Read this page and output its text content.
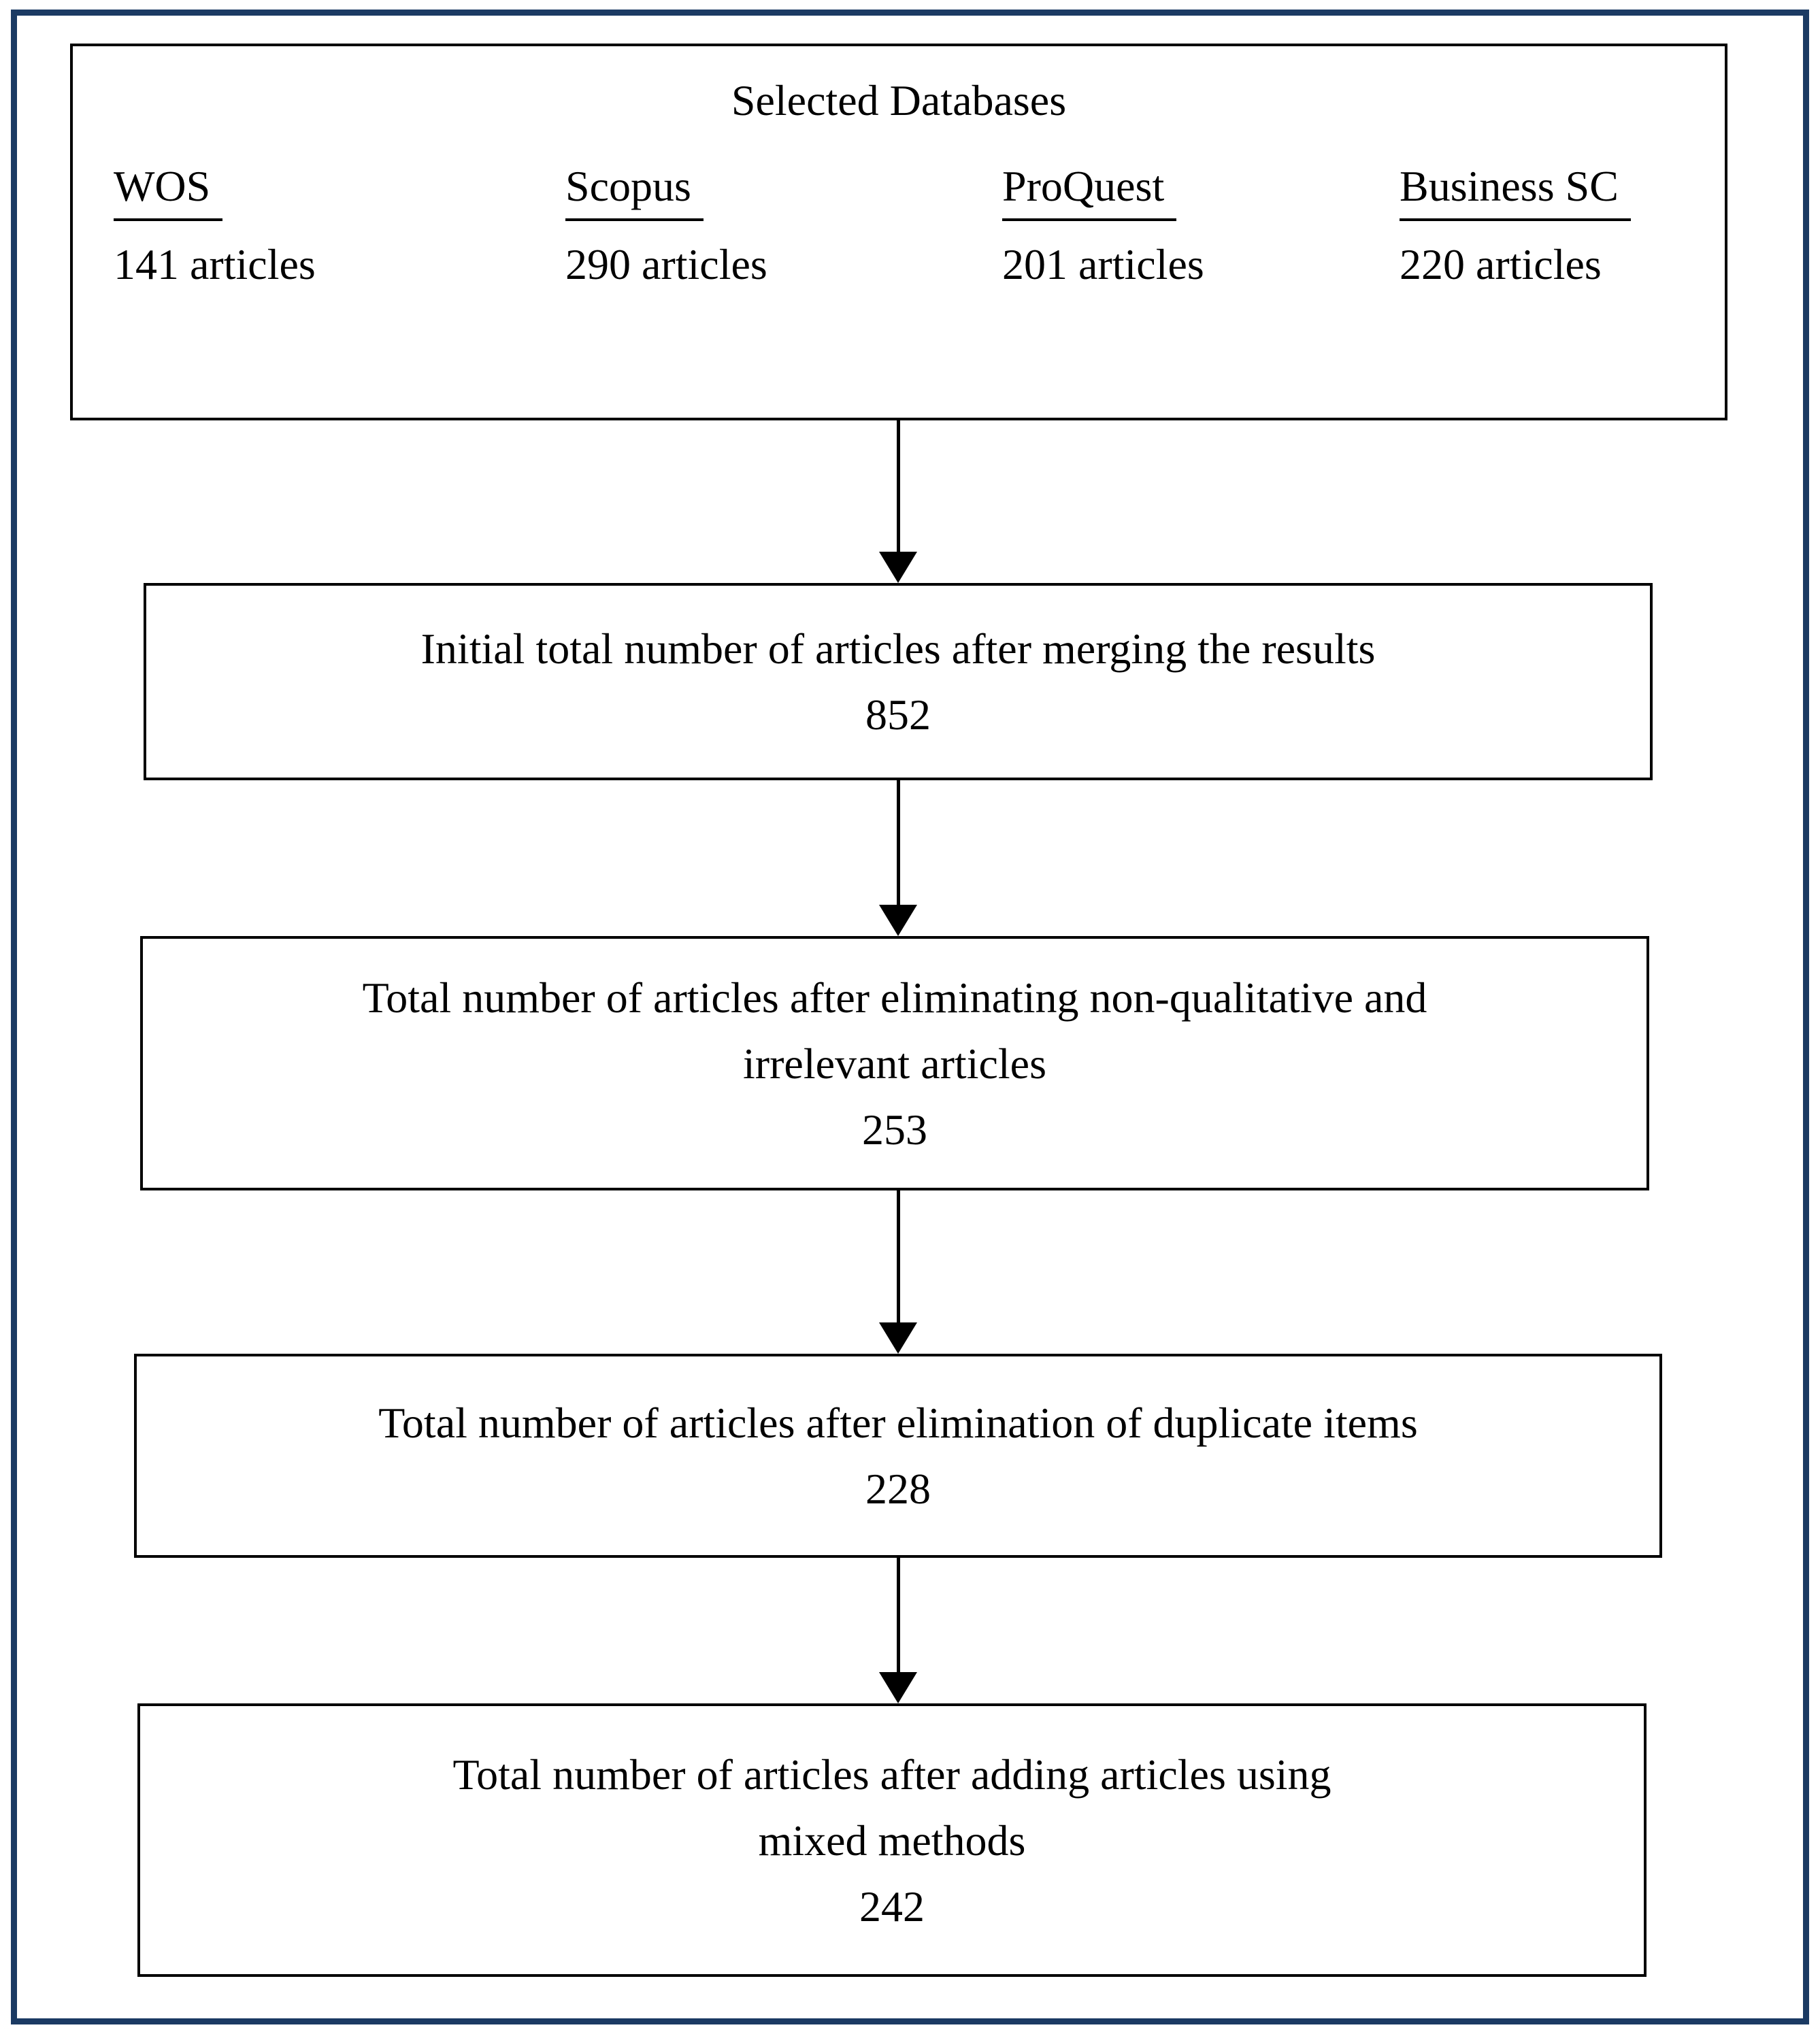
Selected Databases
WOS
141 articles
Scopus
290 articles
ProQuest
201 articles
Business SC
220 articles
Initial total number of articles after merging the results
852
Total number of articles after eliminating non-qualitative and
irrelevant articles
253
Total number of articles after elimination of duplicate items
228
Total number of articles after adding articles using
mixed methods
242
